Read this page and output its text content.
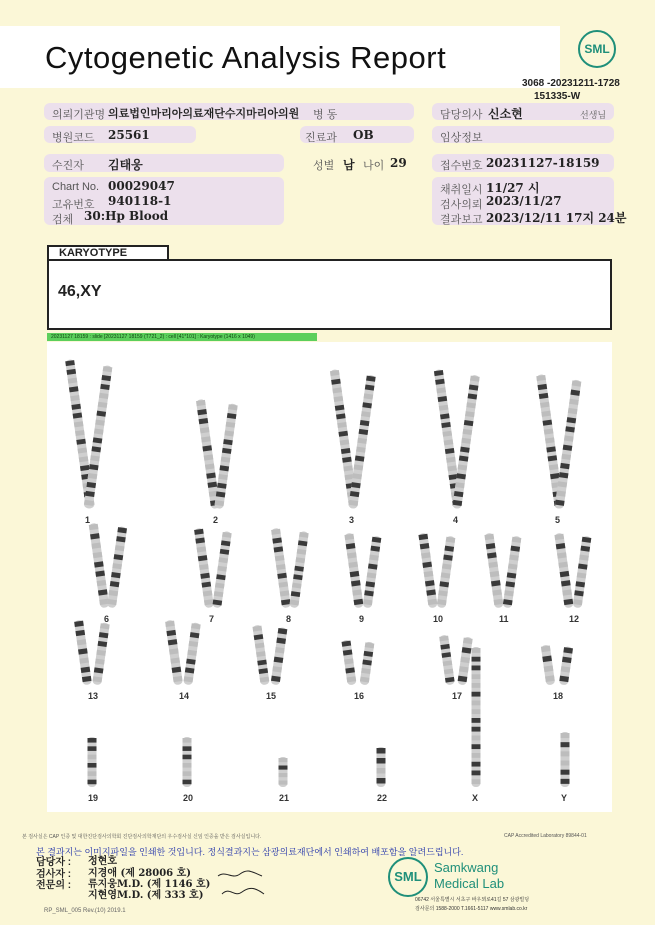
Cytogenetic Analysis Report	SML
3068 -20231211-1728
151335-W
의뢰기관명 의료법인마리아의료재단수지마리아의원 병 동	담당의사 신소현	선생님
병원코드 25561	진료과 OB	임상정보
수진자 김태웅	성별 남 나이 29	접수번호 20231127-18159
Chart No. 00029047
고유번호 940118-1
검체 30:Hp Blood
채취일시 11/27 시
검사의뢰 2023/11/27
결과보고 2023/12/11 17지 24분
KARYOTYPE
46,XY
20231127 18159 : slide [20231127 18159 (T721_2) : cell [41*101] : Karyotype (1416 x 1049)
1	2	3	4	5
6	7	8	9	10	11	12
13	14	15	16	17	18
19	20	21	22	X	Y
본 검사실은 CAP 인증 및 대한진단검사의학회 진단검사의학재단의 우수검사실 신임 인증을 받은 검사실입니다.	CAP Accredited Laboratory 89844-01
본 결과지는 이미지파일을 인쇄한 것입니다. 정식결과지는 삼광의료재단에서 인쇄하여 배포함을 알려드립니다.
담당자 : 정현호
검사자 : 지경애 (제 28006 호)
전문의 : 류지웅M.D. (제 1146 호)
지현영M.D. (제 333 호)
RP_SML_005 Rev.(10) 2019.1
SML
Samkwang
Medical Lab
06742 서울특별시 서초구 바우뫼로41길 57 삼광빌딩
검사문의 1588-2000 T.1661-5117 www.smlab.co.kr
